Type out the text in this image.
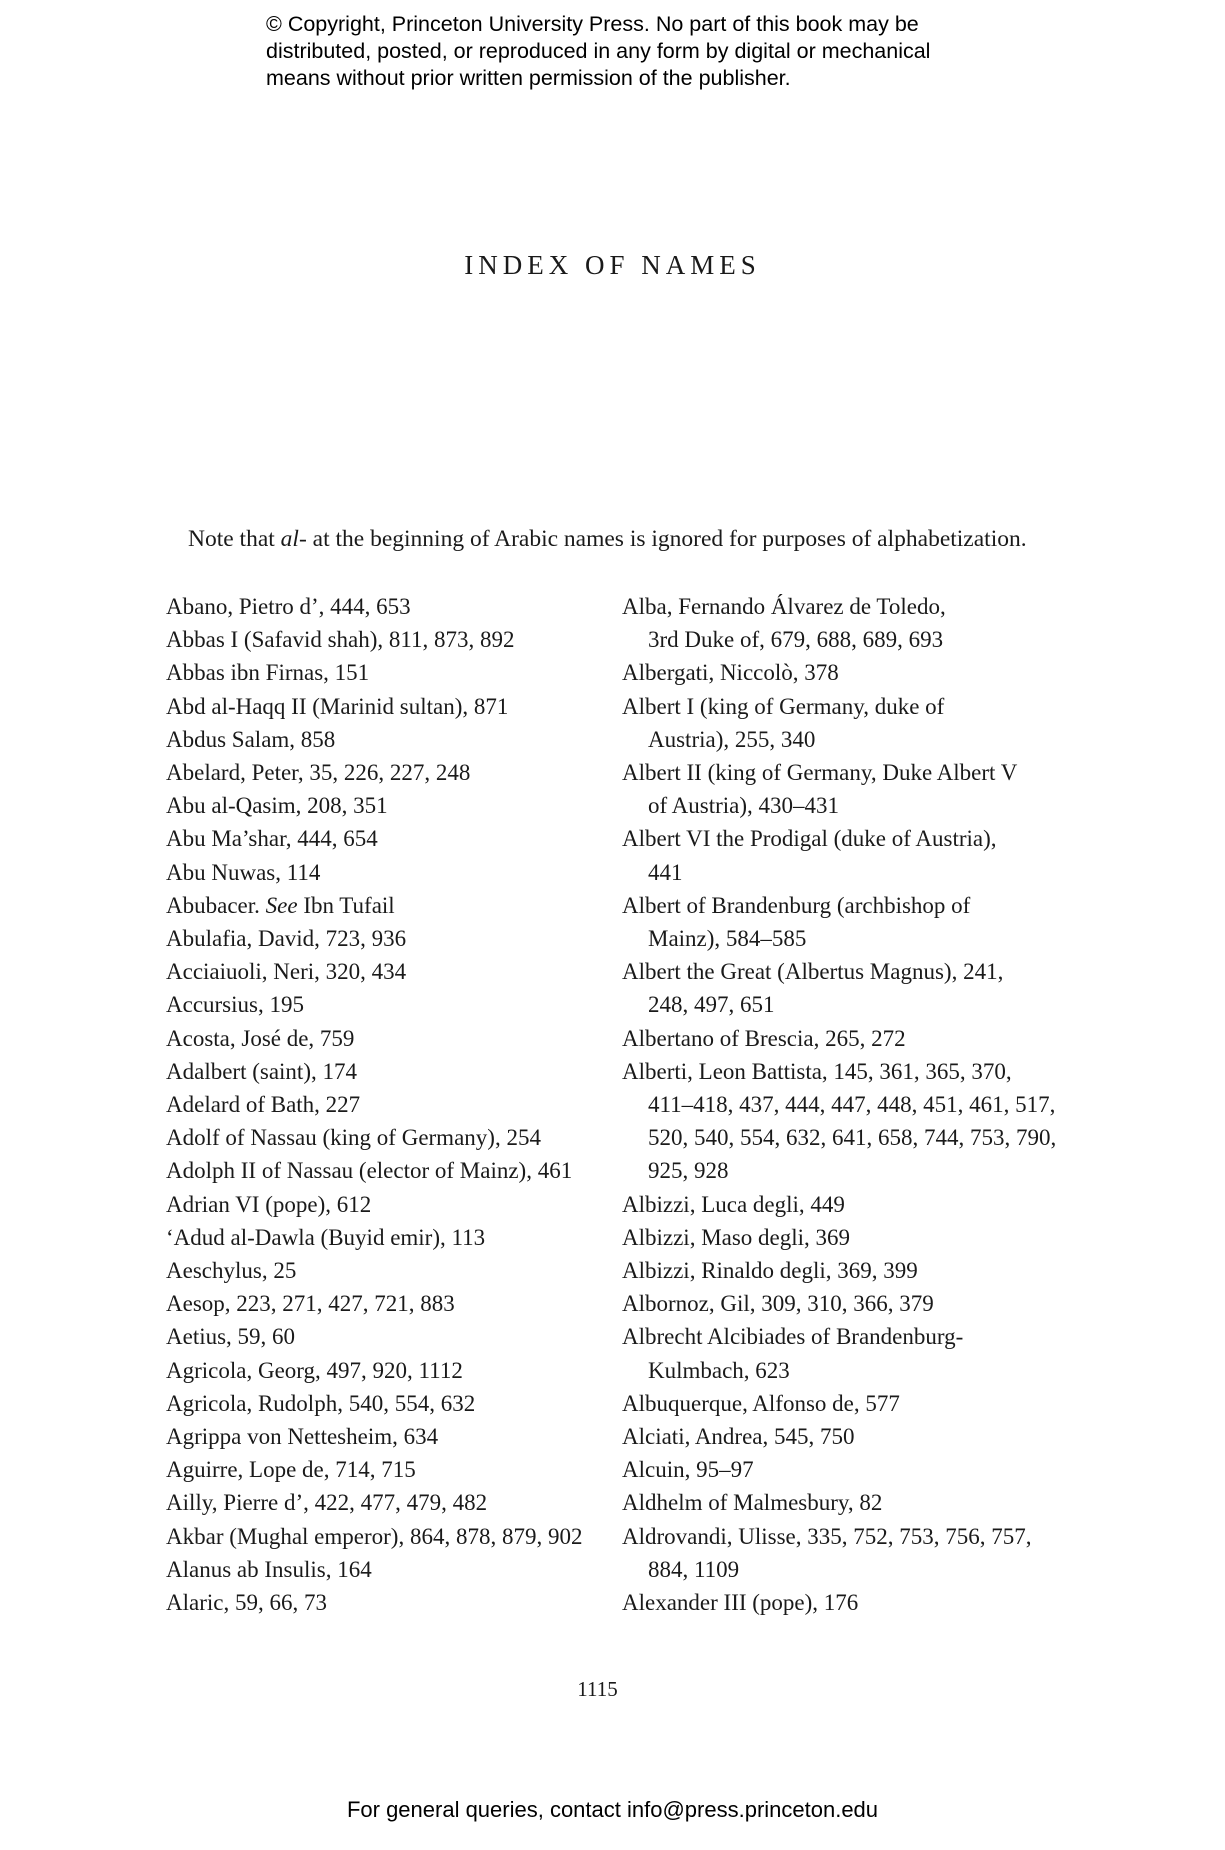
© Copyright, Princeton University Press. No part of this book may be
distributed, posted, or reproduced in any form by digital or mechanical
means without prior written permission of the publisher.
INDEX OF NAMES
Note that al- at the beginning of Arabic names is ignored for purposes of alphabetization.
Abano, Pietro d’, 444, 653
Abbas I (Safavid shah), 811, 873, 892
Abbas ibn Firnas, 151
Abd al-Haqq II (Marinid sultan), 871
Abdus Salam, 858
Abelard, Peter, 35, 226, 227, 248
Abu al-Qasim, 208, 351
Abu Ma’shar, 444, 654
Abu Nuwas, 114
Abubacer. See Ibn Tufail
Abulafia, David, 723, 936
Acciaiuoli, Neri, 320, 434
Accursius, 195
Acosta, José de, 759
Adalbert (saint), 174
Adelard of Bath, 227
Adolf of Nassau (king of Germany), 254
Adolph II of Nassau (elector of Mainz), 461
Adrian VI (pope), 612
‘Adud al-Dawla (Buyid emir), 113
Aeschylus, 25
Aesop, 223, 271, 427, 721, 883
Aetius, 59, 60
Agricola, Georg, 497, 920, 1112
Agricola, Rudolph, 540, 554, 632
Agrippa von Nettesheim, 634
Aguirre, Lope de, 714, 715
Ailly, Pierre d’, 422, 477, 479, 482
Akbar (Mughal emperor), 864, 878, 879, 902
Alanus ab Insulis, 164
Alaric, 59, 66, 73
Alba, Fernando Álvarez de Toledo,
3rd Duke of, 679, 688, 689, 693
Albergati, Niccolò, 378
Albert I (king of Germany, duke of
Austria), 255, 340
Albert II (king of Germany, Duke Albert V
of Austria), 430–431
Albert VI the Prodigal (duke of Austria),
441
Albert of Brandenburg (archbishop of
Mainz), 584–585
Albert the Great (Albertus Magnus), 241,
248, 497, 651
Albertano of Brescia, 265, 272
Alberti, Leon Battista, 145, 361, 365, 370,
411–418, 437, 444, 447, 448, 451, 461, 517,
520, 540, 554, 632, 641, 658, 744, 753, 790,
925, 928
Albizzi, Luca degli, 449
Albizzi, Maso degli, 369
Albizzi, Rinaldo degli, 369, 399
Albornoz, Gil, 309, 310, 366, 379
Albrecht Alcibiades of Brandenburg-
Kulmbach, 623
Albuquerque, Alfonso de, 577
Alciati, Andrea, 545, 750
Alcuin, 95–97
Aldhelm of Malmesbury, 82
Aldrovandi, Ulisse, 335, 752, 753, 756, 757,
884, 1109
Alexander III (pope), 176
1115
For general queries, contact info@press.princeton.edu
